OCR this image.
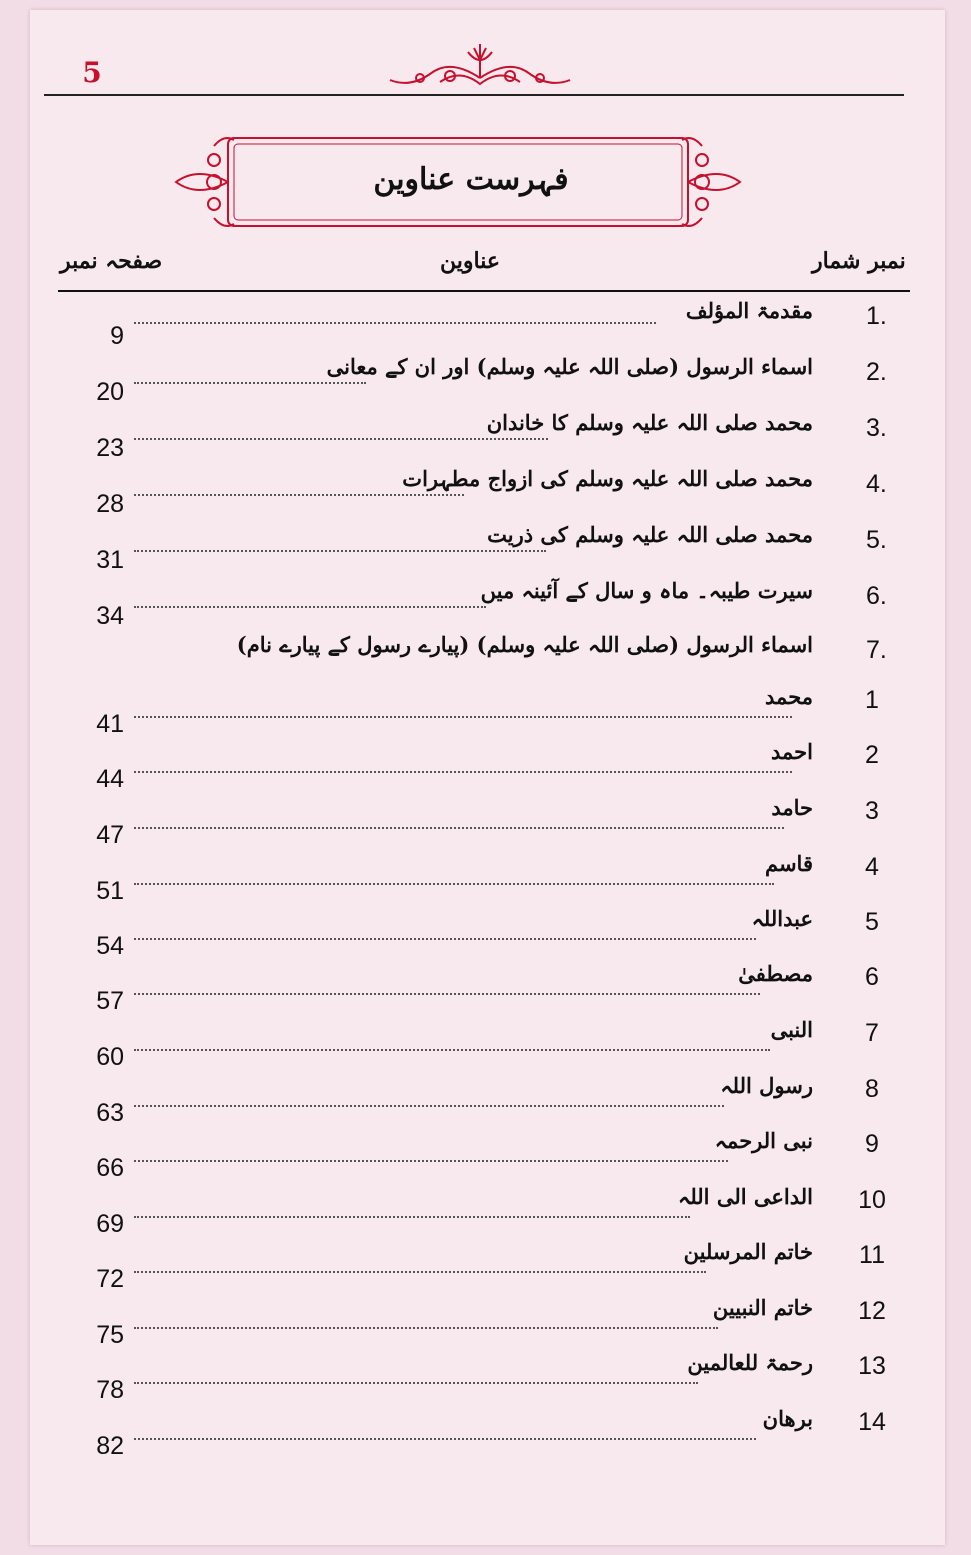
5
فہرست عناوین
نمبر شمار
عناوین
صفحہ نمبر
1.
مقدمۃ المؤلف
9
2.
اسماء الرسول (صلی اللہ علیہ وسلم) اور ان کے معانی
20
3.
محمد صلی اللہ علیہ وسلم کا خاندان
23
4.
محمد صلی اللہ علیہ وسلم کی ازواج مطہرات
28
5.
محمد صلی اللہ علیہ وسلم کی ذریت
31
6.
سیرت طیبہ۔ ماہ و سال کے آئینہ میں
34
7.
اسماء الرسول (صلی اللہ علیہ وسلم) (پیارے رسول کے پیارے نام)
1
محمد
41
2
احمد
44
3
حامد
47
4
قاسم
51
5
عبداللہ
54
6
مصطفیٰ
57
7
النبی
60
8
رسول اللہ
63
9
نبی الرحمہ
66
10
الداعی الی اللہ
69
11
خاتم المرسلین
72
12
خاتم النبیین
75
13
رحمۃ للعالمین
78
14
برھان
82
